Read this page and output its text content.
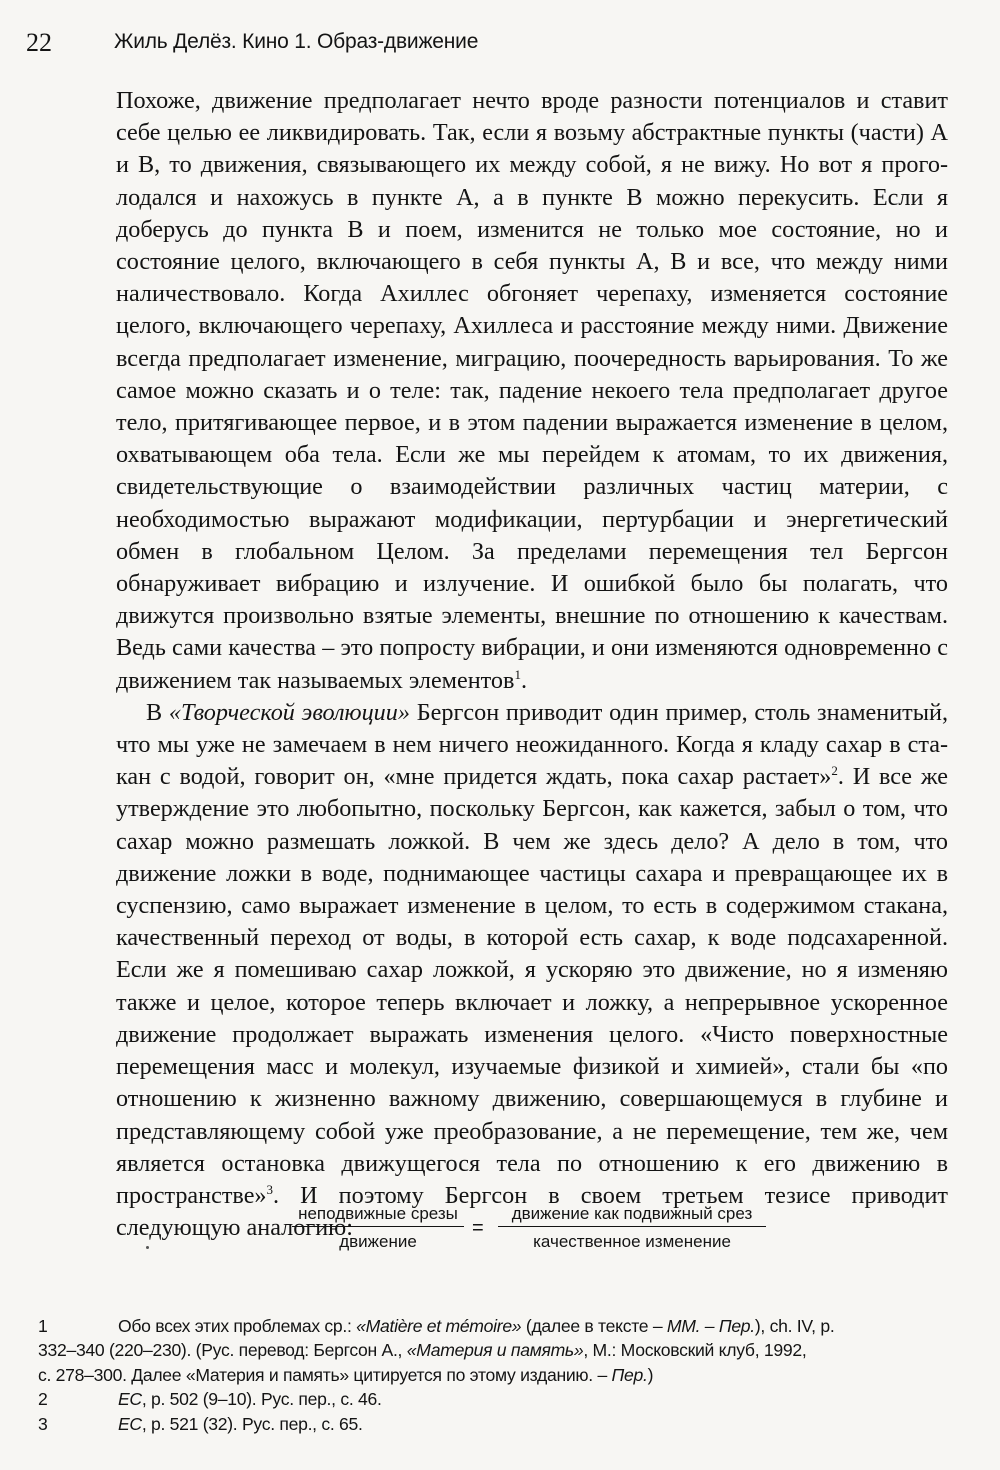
22	Жиль Делёз. Кино 1. Образ-движение

Похоже, движение предполагает нечто вроде разности потенциалов и ставит себе целью ее ликвидировать. Так, если я возьму абстрактные пункты (части) А и В, то движения, связывающего их между собой, я не вижу. Но вот я проголодался и нахожусь в пункте А, а в пункте В можно перекусить. Если я доберусь до пункта В и поем, изменится не только мое состояние, но и состояние целого, включающего в себя пункты А, В и все, что между ними наличествовало. Когда Ахиллес обгоняет черепаху, изменяется состояние целого, включающего черепаху, Ахиллеса и расстояние между ними. Движение всегда предполагает изменение, миграцию, поочередность варьирования. То же самое можно сказать и о теле: так, падение некоего тела предполагает другое тело, притягивающее первое, и в этом падении выражается изменение в целом, охватывающем оба тела. Если же мы перейдем к атомам, то их движения, свидетельствующие о взаимодействии различных частиц материи, с необходимостью выражают модификации, пертурбации и энергетический обмен в глобальном Целом. За пределами перемещения тел Бергсон обнаруживает вибрацию и излучение. И ошибкой было бы полагать, что движутся произвольно взятые элементы, внешние по отношению к качествам. Ведь сами качества – это попросту вибрации, и они изменяются одновременно с движением так называемых элементов$^1$.

В «Творческой эволюции» Бергсон приводит один пример, столь знаменитый, что мы уже не замечаем в нем ничего неожиданного. Когда я кладу сахар в стакан с водой, говорит он, «мне придется ждать, пока сахар растает»$^2$. И все же утверждение это любопытно, поскольку Бергсон, как кажется, забыл о том, что сахар можно размешать ложкой. В чем же здесь дело? А дело в том, что движение ложки в воде, поднимающее частицы сахара и превращающее их в суспензию, само выражает изменение в целом, то есть в содержимом стакана, качественный переход от воды, в которой есть сахар, к воде подсахаренной. Если же я помешиваю сахар ложкой, я ускоряю это движение, но я изменяю также и целое, которое теперь включает и ложку, а непрерывное ускоренное движение продолжает выражать изменения целого. «Чисто поверхностные перемещения масс и молекул, изучаемые физикой и химией», стали бы «по отношению к жизненно важному движению, совершающемуся в глубине и представляющему собой уже преобразование, а не перемещение, тем же, чем является остановка движущегося тела по отношению к его движению в пространстве»$^3$. И поэтому Бергсон в своем третьем тезисе приводит следующую аналогию:

неподвижные срезы
движение
=
движение как подвижный срез
качественное изменение
1	Обо всех этих проблемах ср.: «Matière et mémoire» (далее в тексте – ММ. – Пер.), ch. IV, p.
332–340 (220–230). (Рус. перевод: Бергсон А., «Материя и память», М.: Московский клуб, 1992,
с. 278–300. Далее «Материя и память» цитируется по этому изданию. – Пер.)
2	EC, p. 502 (9–10). Рус. пер., с. 46.
3	EC, p. 521 (32). Рус. пер., с. 65.
